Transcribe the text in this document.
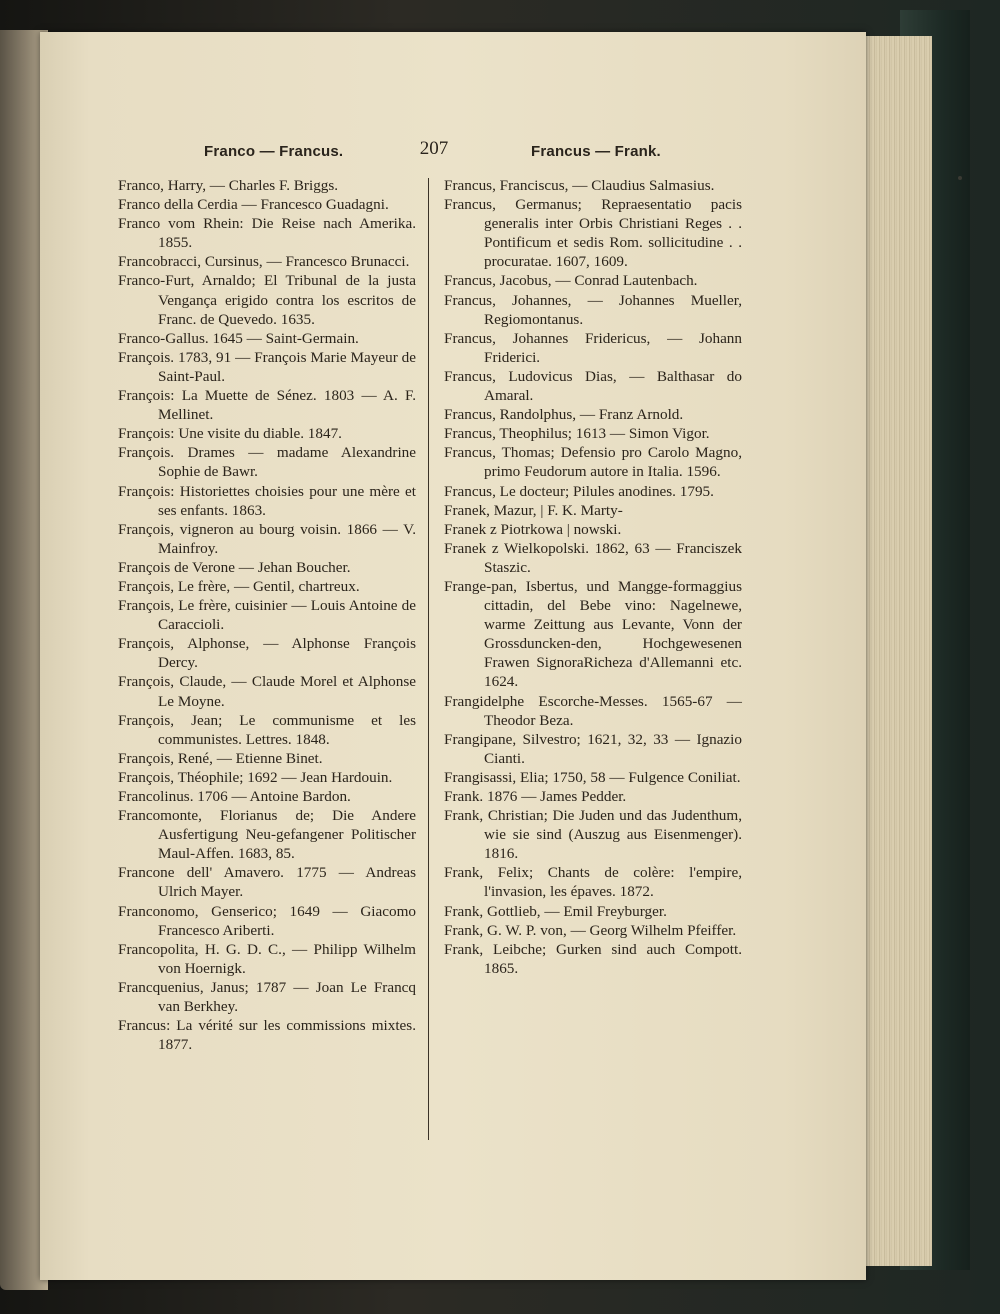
Franco — Francus.	207	Francus — Frank.

Franco, Harry, — Charles F. Briggs.

Franco della Cerdia — Francesco Guadagni.

Franco vom Rhein: Die Reise nach Amerika. 1855.

Francobracci, Cursinus, — Francesco Brunacci.

Franco-Furt, Arnaldo; El Tribunal de la justa Vengança erigido contra los escritos de Franc. de Quevedo. 1635.

Franco-Gallus. 1645 — Saint-Germain.

François. 1783, 91 — François Marie Mayeur de Saint-Paul.

François: La Muette de Sénez. 1803 — A. F. Mellinet.

François: Une visite du diable. 1847.

François. Drames — madame Alexandrine Sophie de Bawr.

François: Historiettes choisies pour une mère et ses enfants. 1863.

François, vigneron au bourg voisin. 1866 — V. Mainfroy.

François de Verone — Jehan Boucher.

François, Le frère, — Gentil, chartreux.

François, Le frère, cuisinier — Louis Antoine de Caraccioli.

François, Alphonse, — Alphonse François Dercy.

François, Claude, — Claude Morel et Alphonse Le Moyne.

François, Jean; Le communisme et les communistes. Lettres. 1848.

François, René, — Etienne Binet.

François, Théophile; 1692 — Jean Hardouin.

Francolinus. 1706 — Antoine Bardon.

Francomonte, Florianus de; Die Andere Ausfertigung Neu-gefangener Politischer Maul-Affen. 1683, 85.

Francone dell' Amavero. 1775 — Andreas Ulrich Mayer.

Franconomo, Genserico; 1649 — Giacomo Francesco Ariberti.

Francopolita, H. G. D. C., — Philipp Wilhelm von Hoernigk.

Francquenius, Janus; 1787 — Joan Le Francq van Berkhey.

Francus: La vérité sur les commissions mixtes. 1877.

Francus, Franciscus, — Claudius Salmasius.

Francus, Germanus; Repraesentatio pacis generalis inter Orbis Christiani Reges . . Pontificum et sedis Rom. sollicitudine . . procuratae. 1607, 1609.

Francus, Jacobus, — Conrad Lautenbach.

Francus, Johannes, — Johannes Mueller, Regiomontanus.

Francus, Johannes Fridericus, — Johann Friderici.

Francus, Ludovicus Dias, — Balthasar do Amaral.

Francus, Randolphus, — Franz Arnold.

Francus, Theophilus; 1613 — Simon Vigor.

Francus, Thomas; Defensio pro Carolo Magno, primo Feudorum autore in Italia. 1596.

Francus, Le docteur; Pilules anodines. 1795.

Franek, Mazur, | F. K. Marty-

Franek z Piotrkowa | nowski.

Franek z Wielkopolski. 1862, 63 — Franciszek Staszic.

Frange-pan, Isbertus, und Mangge-formaggius cittadin, del Bebe vino: Nagelnewe, warme Zeittung aus Levante, Vonn der Grossduncken-den, Hochgewesenen Frawen SignoraRicheza d'Allemanni etc. 1624.

Frangidelphe Escorche-Messes. 1565-67 — Theodor Beza.

Frangipane, Silvestro; 1621, 32, 33 — Ignazio Cianti.

Frangisassi, Elia; 1750, 58 — Fulgence Coniliat.

Frank. 1876 — James Pedder.

Frank, Christian; Die Juden und das Judenthum, wie sie sind (Auszug aus Eisenmenger). 1816.

Frank, Felix; Chants de colère: l'empire, l'invasion, les épaves. 1872.

Frank, Gottlieb, — Emil Freyburger.

Frank, G. W. P. von, — Georg Wilhelm Pfeiffer.

Frank, Leibche; Gurken sind auch Compott. 1865.
